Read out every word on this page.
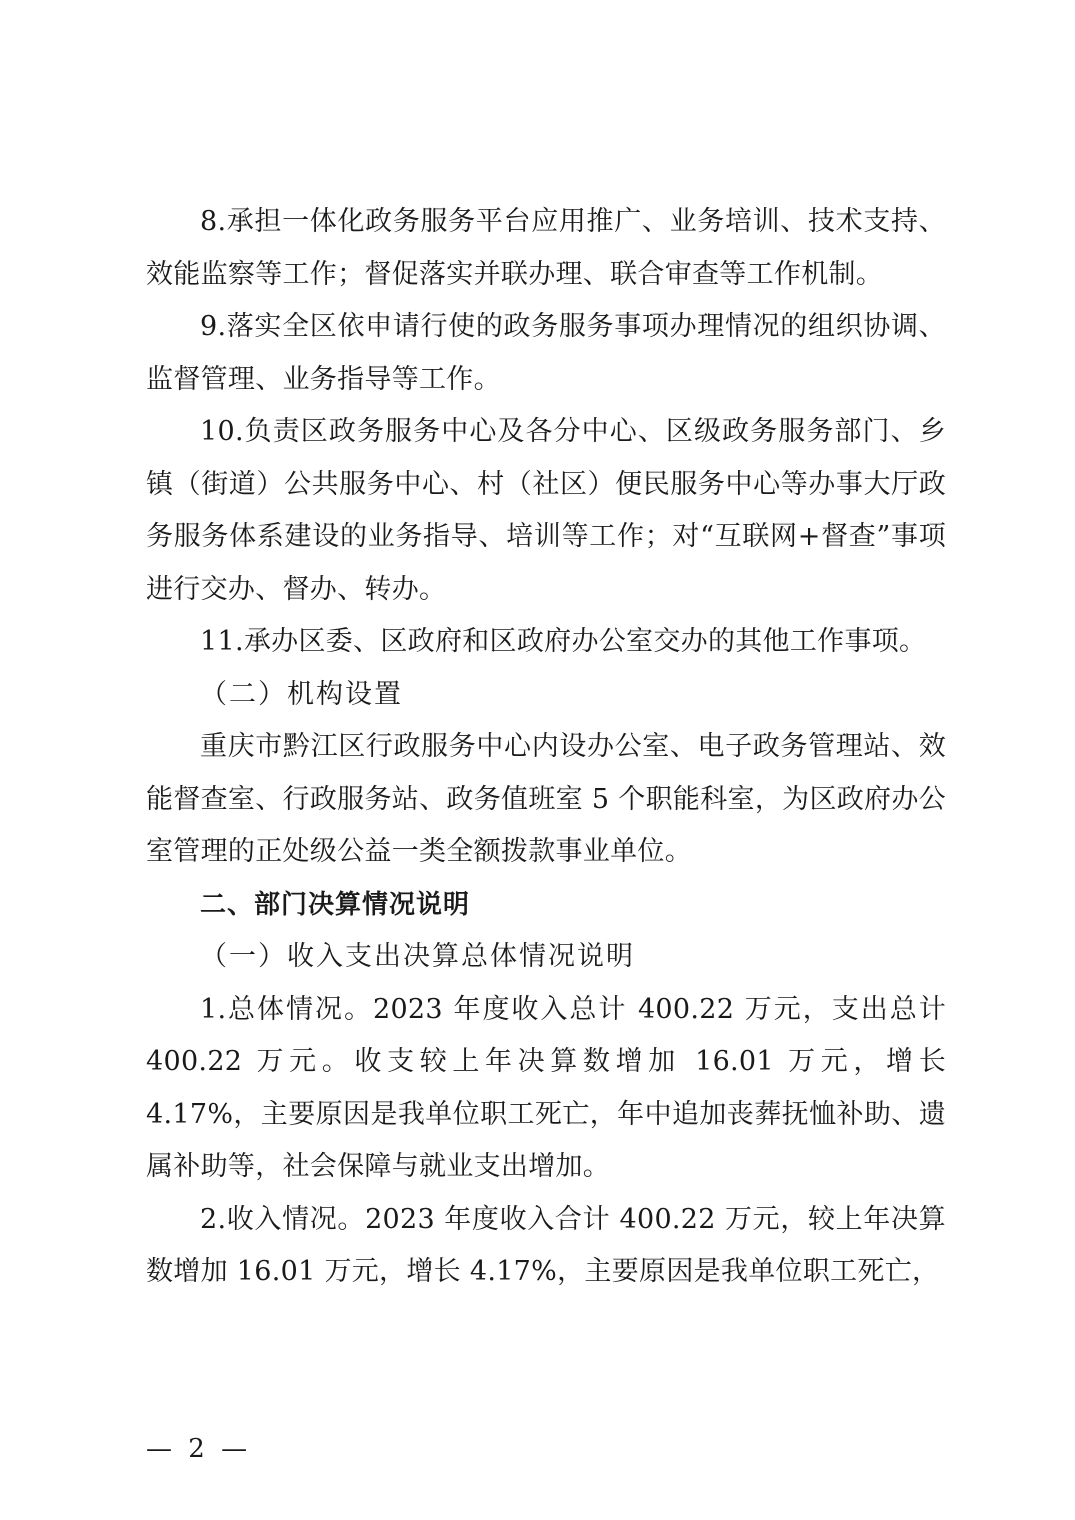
8.承担一体化政务服务平台应用推广、业务培训、技术支持、效能监察等工作；督促落实并联办理、联合审查等工作机制。

9.落实全区依申请行使的政务服务事项办理情况的组织协调、监督管理、业务指导等工作。

10.负责区政务服务中心及各分中心、区级政务服务部门、乡镇（街道）公共服务中心、村（社区）便民服务中心等办事大厅政务服务体系建设的业务指导、培训等工作；对“互联网+督查”事项进行交办、督办、转办。

11.承办区委、区政府和区政府办公室交办的其他工作事项。

（二）机构设置

重庆市黔江区行政服务中心内设办公室、电子政务管理站、效能督查室、行政服务站、政务值班室 5 个职能科室，为区政府办公室管理的正处级公益一类全额拨款事业单位。

二、部门决算情况说明

（一）收入支出决算总体情况说明

1.总体情况。2023 年度收入总计 400.22 万元，支出总计 400.22 万元。收支较上年决算数增加 16.01 万元，增长 4.17%，主要原因是我单位职工死亡，年中追加丧葬抚恤补助、遗属补助等，社会保障与就业支出增加。

2.收入情况。2023 年度收入合计 400.22 万元，较上年决算数增加 16.01 万元，增长 4.17%，主要原因是我单位职工死亡，

— 2 —
